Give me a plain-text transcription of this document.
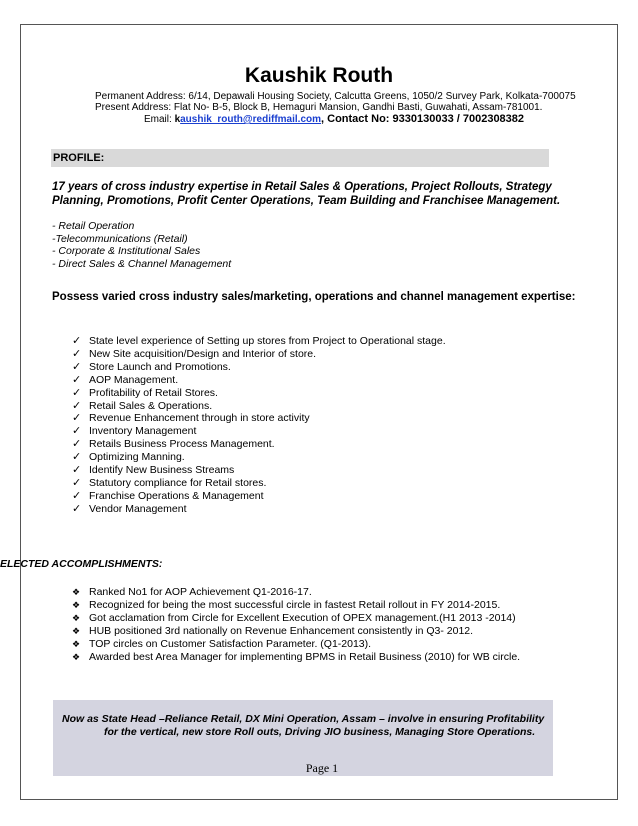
Kaushik Routh
Permanent Address: 6/14, Depawali Housing Society, Calcutta Greens, 1050/2 Survey Park, Kolkata-700075
Present Address: Flat No- B-5, Block B, Hemaguri Mansion, Gandhi Basti, Guwahati, Assam-781001.
Email: kaushik_routh@rediffmail.com, Contact No: 9330130033 / 7002308382
PROFILE:
17 years of cross industry expertise in Retail Sales & Operations, Project Rollouts, Strategy Planning, Promotions, Profit Center Operations, Team Building and Franchisee Management.
- Retail Operation
-Telecommunications (Retail)
- Corporate & Institutional Sales
- Direct Sales & Channel Management
Possess varied cross industry sales/marketing, operations and channel management expertise:
✓ State level experience of Setting up stores from Project to Operational stage.
✓ New Site acquisition/Design and Interior of store.
✓ Store Launch and Promotions.
✓ AOP Management.
✓ Profitability of Retail Stores.
✓ Retail Sales & Operations.
✓ Revenue Enhancement through in store activity
✓ Inventory Management
✓ Retails Business Process Management.
✓ Optimizing Manning.
✓ Identify New Business Streams
✓ Statutory compliance for Retail stores.
✓ Franchise Operations & Management
✓ Vendor Management
ELECTED ACCOMPLISHMENTS:
❖ Ranked No1 for AOP Achievement Q1-2016-17.
❖ Recognized for being the most successful circle in fastest Retail rollout in FY 2014-2015.
❖ Got acclamation from Circle for Excellent Execution of OPEX management.(H1 2013 -2014)
❖ HUB positioned 3rd nationally on Revenue Enhancement consistently in Q3- 2012.
❖ TOP circles on Customer Satisfaction Parameter. (Q1-2013).
❖ Awarded best Area Manager for implementing BPMS in Retail Business (2010) for WB circle.
Now as State Head –Reliance Retail, DX Mini Operation, Assam – involve in ensuring Profitability
for the vertical, new store Roll outs, Driving JIO business, Managing Store Operations.
Page 1
